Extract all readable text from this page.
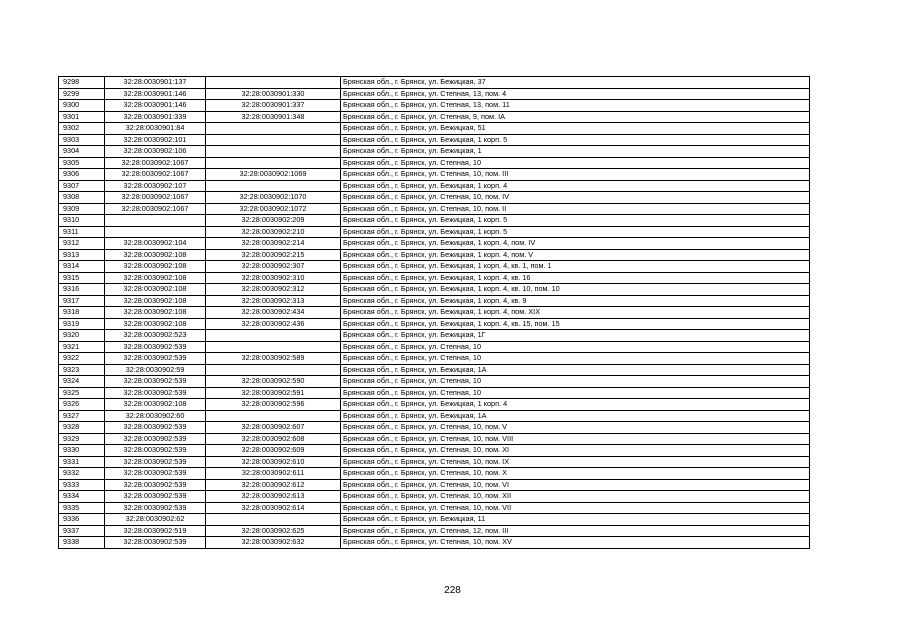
9298	32:28:0030901:137		Брянская обл., г. Брянск, ул. Бежицкая, 37
9299	32:28:0030901:146	32:28:0030901:330	Брянская обл., г. Брянск, ул. Степная, 13, пом. 4
9300	32:28:0030901:146	32:28:0030901:337	Брянская обл., г. Брянск, ул. Степная, 13, пом. 11
9301	32:28:0030901:339	32:28:0030901:348	Брянская обл., г. Брянск, ул. Степная, 9, пом. IA
9302	32:28:0030901:84		Брянская обл., г. Брянск, ул. Бежицкая, 51
9303	32:28:0030902:101		Брянская обл., г. Брянск, ул. Бежицкая, 1 корп. 5
9304	32:28:0030902:106		Брянская обл., г. Брянск, ул. Бежицкая, 1
9305	32:28:0030902:1067		Брянская обл., г. Брянск, ул. Степная, 10
9306	32:28:0030902:1067	32:28:0030902:1069	Брянская обл., г. Брянск, ул. Степная, 10, пом. III
9307	32:28:0030902:107		Брянская обл., г. Брянск, ул. Бежицкая, 1 корп. 4
9308	32:28:0030902:1067	32:28:0030902:1070	Брянская обл., г. Брянск, ул. Степная, 10, пом. IV
9309	32:28:0030902:1067	32:28:0030902:1072	Брянская обл., г. Брянск, ул. Степная, 10, пом. II
9310		32:28:0030902:209	Брянская обл., г. Брянск, ул. Бежицкая, 1 корп. 5
9311		32:28:0030902:210	Брянская обл., г. Брянск, ул. Бежицкая, 1 корп. 5
9312	32:28:0030902:104	32:28:0030902:214	Брянская обл., г. Брянск, ул. Бежицкая, 1 корп. 4, пом. IV
9313	32:28:0030902:108	32:28:0030902:215	Брянская обл., г. Брянск, ул. Бежицкая, 1 корп. 4, пом. V
9314	32:28:0030902:108	32:28:0030902:307	Брянская обл., г. Брянск, ул. Бежицкая, 1 корп. 4, кв. 1, пом. 1
9315	32:28:0030902:108	32:28:0030902:310	Брянская обл., г. Брянск, ул. Бежицкая, 1 корп. 4, кв. 16
9316	32:28:0030902:108	32:28:0030902:312	Брянская обл., г. Брянск, ул. Бежицкая, 1 корп. 4, кв. 10, пом. 10
9317	32:28:0030902:108	32:28:0030902:313	Брянская обл., г. Брянск, ул. Бежицкая, 1 корп. 4, кв. 9
9318	32:28:0030902:108	32:28:0030902:434	Брянская обл., г. Брянск, ул. Бежицкая, 1 корп. 4, пом. XIX
9319	32:28:0030902:108	32:28:0030902:436	Брянская обл., г. Брянск, ул. Бежицкая, 1 корп. 4, кв. 15, пом. 15
9320	32:28:0030902:523		Брянская обл., г. Брянск, ул. Бежицкая, 1Г
9321	32:28:0030902:539		Брянская обл., г. Брянск, ул. Степная, 10
9322	32:28:0030902:539	32:28:0030902:589	Брянская обл., г. Брянск, ул. Степная, 10
9323	32:28:0030902:59		Брянская обл., г. Брянск, ул. Бежицкая, 1А
9324	32:28:0030902:539	32:28:0030902:590	Брянская обл., г. Брянск, ул. Степная, 10
9325	32:28:0030902:539	32:28:0030902:591	Брянская обл., г. Брянск, ул. Степная, 10
9326	32:28:0030902:108	32:28:0030902:596	Брянская обл., г. Брянск, ул. Бежицкая, 1 корп. 4
9327	32:28:0030902:60		Брянская обл., г. Брянск, ул. Бежицкая, 1А
9328	32:28:0030902:539	32:28:0030902:607	Брянская обл., г. Брянск, ул. Степная, 10, пом. V
9329	32:28:0030902:539	32:28:0030902:608	Брянская обл., г. Брянск, ул. Степная, 10, пом. VIII
9330	32:28:0030902:539	32:28:0030902:609	Брянская обл., г. Брянск, ул. Степная, 10, пом. XI
9331	32:28:0030902:539	32:28:0030902:610	Брянская обл., г. Брянск, ул. Степная, 10, пом. IX
9332	32:28:0030902:539	32:28:0030902:611	Брянская обл., г. Брянск, ул. Степная, 10, пом. X
9333	32:28:0030902:539	32:28:0030902:612	Брянская обл., г. Брянск, ул. Степная, 10, пом. VI
9334	32:28:0030902:539	32:28:0030902:613	Брянская обл., г. Брянск, ул. Степная, 10, пом. XII
9335	32:28:0030902:539	32:28:0030902:614	Брянская обл., г. Брянск, ул. Степная, 10, пом. VII
9336	32:28:0030902:62		Брянская обл., г. Брянск, ул. Бежицкая, 11
9337	32:28:0030902:519	32:28:0030902:625	Брянская обл., г. Брянск, ул. Степная, 12, пом. III
9338	32:28:0030902:539	32:28:0030902:632	Брянская обл., г. Брянск, ул. Степная, 10, пом. XV
228
